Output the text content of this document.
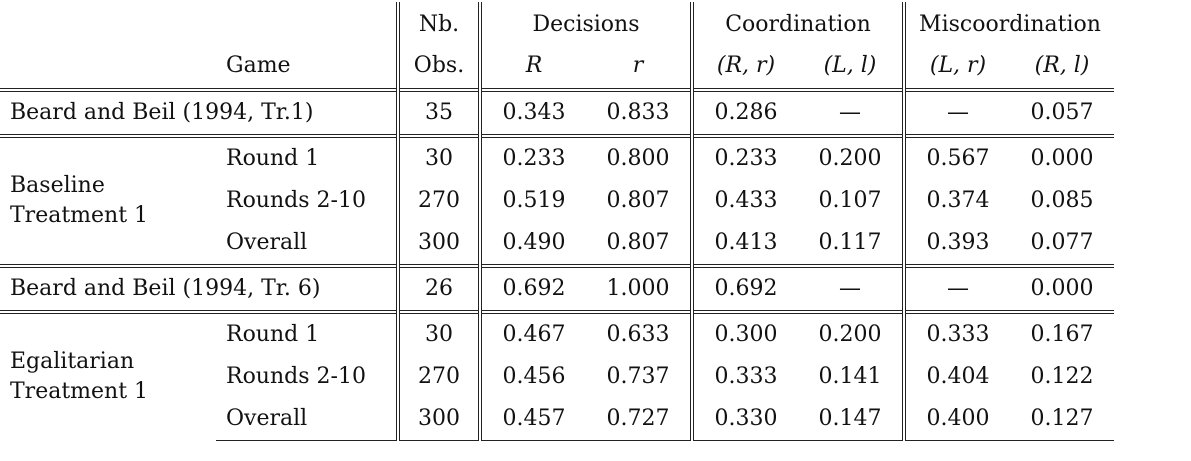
		Nb.	Decisions		Coordination		Miscoordination	
	Game	Obs.	R	r	(R, r)	(L, l)	(L, r)	(R, l)
Beard and Beil (1994, Tr.1)		35	0.343	0.833	0.286	—	—	0.057

Baseline
Treatment 1	Round 1	30	0.233	0.800	0.233	0.200	0.567	0.000
	Rounds 2-10	270	0.519	0.807	0.433	0.107	0.374	0.085
	Overall	300	0.490	0.807	0.413	0.117	0.393	0.077
Beard and Beil (1994, Tr. 6)		26	0.692	1.000	0.692	—	—	0.000

Egalitarian
Treatment 1	Round 1	30	0.467	0.633	0.300	0.200	0.333	0.167
	Rounds 2-10	270	0.456	0.737	0.333	0.141	0.404	0.122
	Overall	300	0.457	0.727	0.330	0.147	0.400	0.127
